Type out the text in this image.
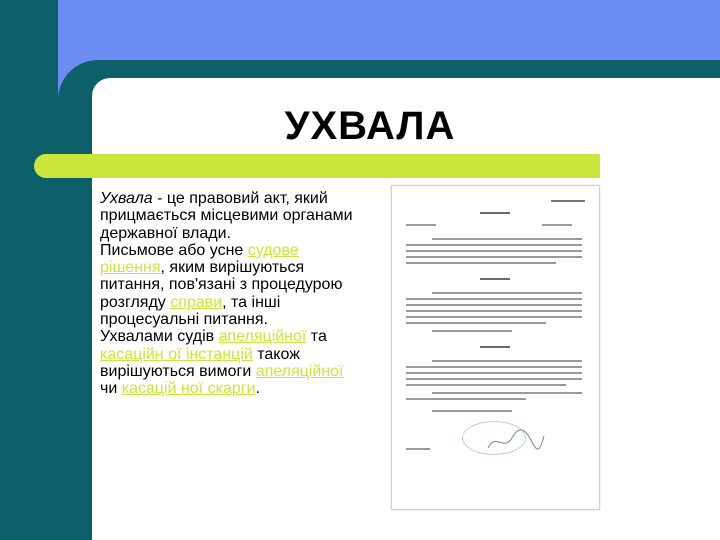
УХВАЛА
Ухвала - це правовий акт, який прицмається місцевими органами державної влади.
Письмове або усне судове рішення, яким вирішуються питання, пов'язані з процедурою розгляду справи, та інші процесуальні питання.
Ухвалами судів апеляційної та касаційн ої інстанцій також вирішуються вимоги апеляційної чи касацій ної скарги.
